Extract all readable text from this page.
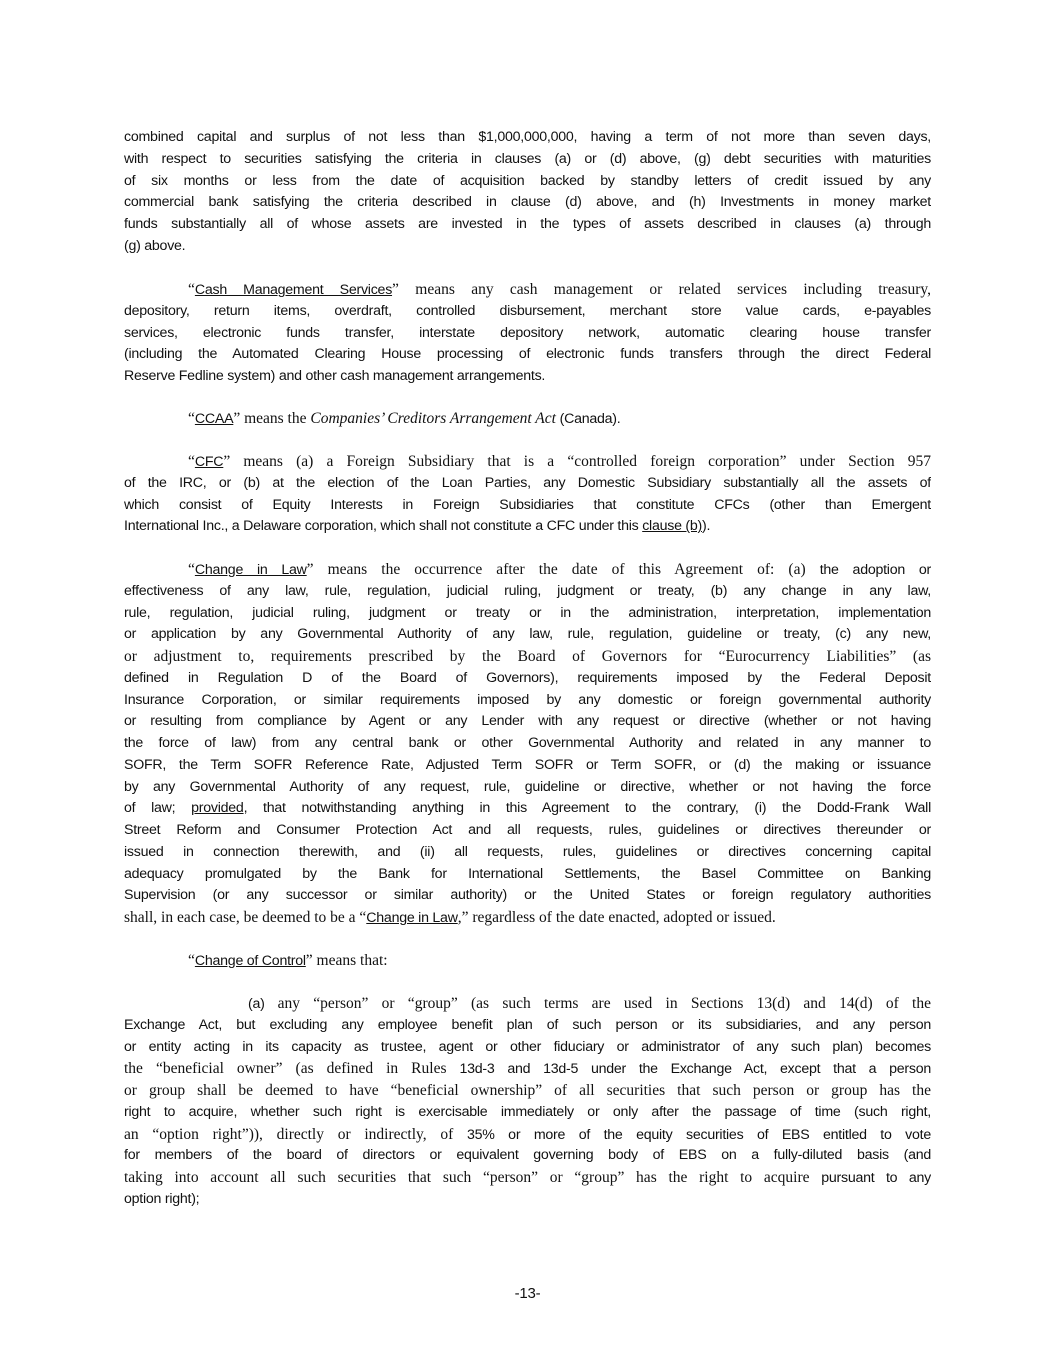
combined capital and surplus of not less than $1,000,000,000, having a term of not more than seven days,
with respect to securities satisfying the criteria in clauses (a) or (d) above, (g) debt securities with maturities
of six months or less from the date of acquisition backed by standby letters of credit issued by any
commercial bank satisfying the criteria described in clause (d) above, and (h) Investments in money market
funds substantially all of whose assets are invested in the types of assets described in clauses (a) through
(g) above.
“Cash Management Services” means any cash management or related services including treasury,
depository, return items, overdraft, controlled disbursement, merchant store value cards, e-payables
services, electronic funds transfer, interstate depository network, automatic clearing house transfer
(including the Automated Clearing House processing of electronic funds transfers through the direct Federal
Reserve Fedline system) and other cash management arrangements.
“CCAA” means the Companies’ Creditors Arrangement Act (Canada).
“CFC” means (a) a Foreign Subsidiary that is a “controlled foreign corporation” under Section 957
of the IRC, or (b) at the election of the Loan Parties, any Domestic Subsidiary substantially all the assets of
which consist of Equity Interests in Foreign Subsidiaries that constitute CFCs (other than Emergent
International Inc., a Delaware corporation, which shall not constitute a CFC under this clause (b)).
“Change in Law” means the occurrence after the date of this Agreement of: (a) the adoption or
effectiveness of any law, rule, regulation, judicial ruling, judgment or treaty, (b) any change in any law,
rule, regulation, judicial ruling, judgment or treaty or in the administration, interpretation, implementation
or application by any Governmental Authority of any law, rule, regulation, guideline or treaty, (c) any new,
or adjustment to, requirements prescribed by the Board of Governors for “Eurocurrency Liabilities” (as
defined in Regulation D of the Board of Governors), requirements imposed by the Federal Deposit
Insurance Corporation, or similar requirements imposed by any domestic or foreign governmental authority
or resulting from compliance by Agent or any Lender with any request or directive (whether or not having
the force of law) from any central bank or other Governmental Authority and related in any manner to
SOFR, the Term SOFR Reference Rate, Adjusted Term SOFR or Term SOFR, or (d) the making or issuance
by any Governmental Authority of any request, rule, guideline or directive, whether or not having the force
of law; provided, that notwithstanding anything in this Agreement to the contrary, (i) the Dodd-Frank Wall
Street Reform and Consumer Protection Act and all requests, rules, guidelines or directives thereunder or
issued in connection therewith, and (ii) all requests, rules, guidelines or directives concerning capital
adequacy promulgated by the Bank for International Settlements, the Basel Committee on Banking
Supervision (or any successor or similar authority) or the United States or foreign regulatory authorities
shall, in each case, be deemed to be a “Change in Law,” regardless of the date enacted, adopted or issued.
“Change of Control” means that:
(a) any “person” or “group” (as such terms are used in Sections 13(d) and 14(d) of the
Exchange Act, but excluding any employee benefit plan of such person or its subsidiaries, and any person
or entity acting in its capacity as trustee, agent or other fiduciary or administrator of any such plan) becomes
the “beneficial owner” (as defined in Rules 13d-3 and 13d-5 under the Exchange Act, except that a person
or group shall be deemed to have “beneficial ownership” of all securities that such person or group has the
right to acquire, whether such right is exercisable immediately or only after the passage of time (such right,
an “option right”)), directly or indirectly, of 35% or more of the equity securities of EBS entitled to vote
for members of the board of directors or equivalent governing body of EBS on a fully-diluted basis (and
taking into account all such securities that such “person” or “group” has the right to acquire pursuant to any
option right);
-13-
